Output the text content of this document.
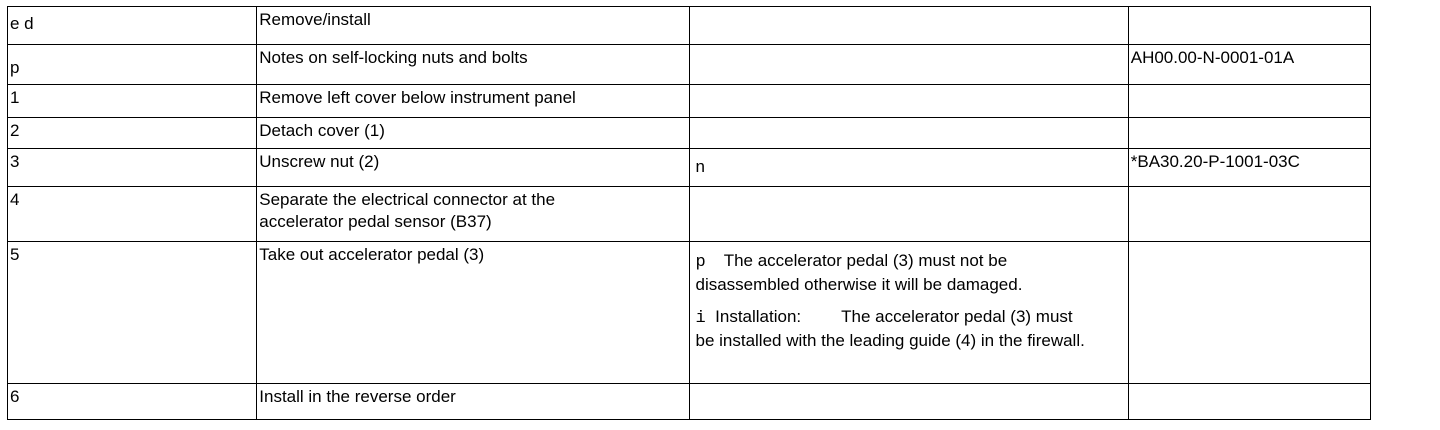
e d	Remove/install		
p	Notes on self-locking nuts and bolts		AH00.00-N-0001-01A
1	Remove left cover below instrument panel		
2	Detach cover (1)		
3	Unscrew nut (2)	n	*BA30.20-P-1001-03C
4	Separate the electrical connector at the accelerator pedal sensor (B37)		
5	Take out accelerator pedal (3)	p The accelerator pedal (3) must not be disassembled otherwise it will be damaged.
i Installation: The accelerator pedal (3) must be installed with the leading guide (4) in the firewall.	

6	Install in the reverse order		
